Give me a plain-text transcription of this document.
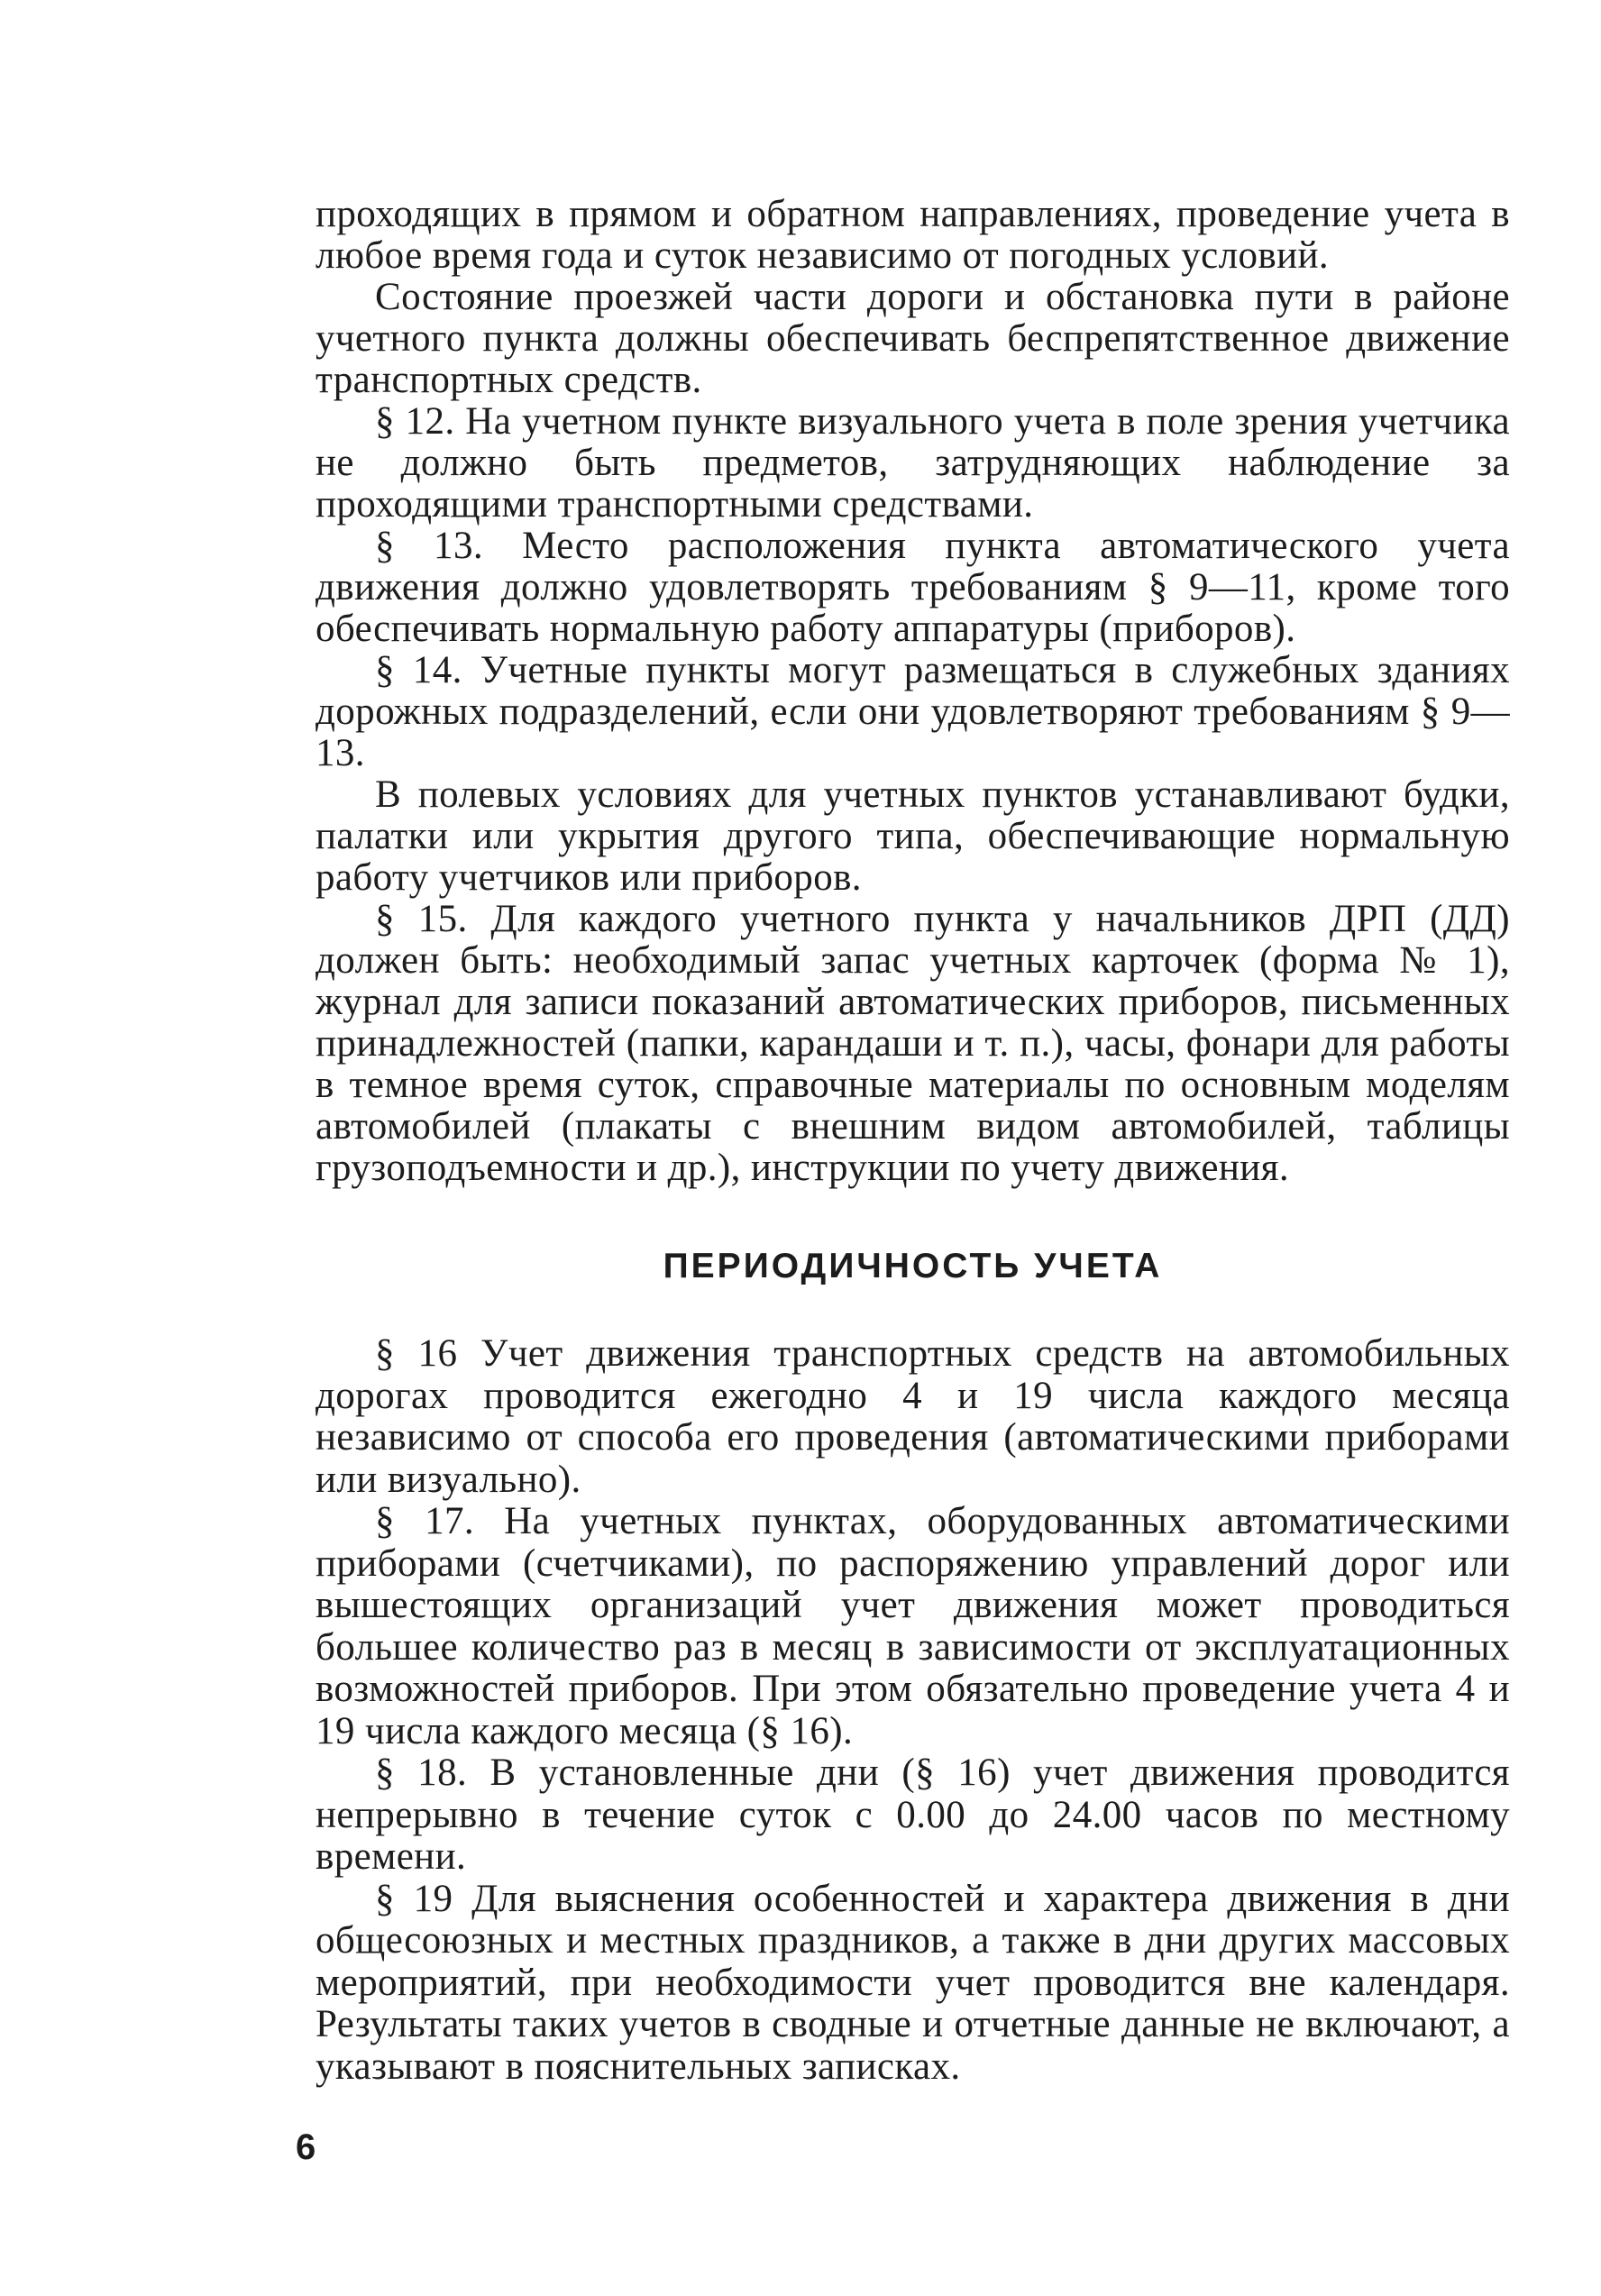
проходящих в прямом и обратном направлениях, проведение учета в любое время года и суток независимо от погодных условий.

Состояние проезжей части дороги и обстановка пути в районе учетного пункта должны обеспечивать беспрепятственное движение транспортных средств.

§ 12. На учетном пункте визуального учета в поле зрения учетчика не должно быть предметов, затрудняющих наблюдение за проходящими транспортными средствами.

§ 13. Место расположения пункта автоматического учета движения должно удовлетворять требованиям § 9—11, кроме того обеспечивать нормальную работу аппаратуры (приборов).

§ 14. Учетные пункты могут размещаться в служебных зданиях дорожных подразделений, если они удовлетворяют требованиям § 9—13.

В полевых условиях для учетных пунктов устанавливают будки, палатки или укрытия другого типа, обеспечивающие нормальную работу учетчиков или приборов.

§ 15. Для каждого учетного пункта у начальников ДРП (ДД) должен быть: необходимый запас учетных карточек (форма № 1), журнал для записи показаний автоматических приборов, письменных принадлежностей (папки, карандаши и т. п.), часы, фонари для работы в темное время суток, справочные материалы по основным моделям автомобилей (плакаты с внешним видом автомобилей, таблицы грузоподъемности и др.), инструкции по учету движения.

ПЕРИОДИЧНОСТЬ УЧЕТА

§ 16 Учет движения транспортных средств на автомобильных дорогах проводится ежегодно 4 и 19 числа каждого месяца независимо от способа его проведения (автоматическими приборами или визуально).

§ 17. На учетных пунктах, оборудованных автоматическими приборами (счетчиками), по распоряжению управлений дорог или вышестоящих организаций учет движения может проводиться большее количество раз в месяц в зависимости от эксплуатационных возможностей приборов. При этом обязательно проведение учета 4 и 19 числа каждого месяца (§ 16).

§ 18. В установленные дни (§ 16) учет движения проводится непрерывно в течение суток с 0.00 до 24.00 часов по местному времени.

§ 19 Для выяснения особенностей и характера движения в дни общесоюзных и местных праздников, а также в дни других массовых мероприятий, при необходимости учет проводится вне календаря. Результаты таких учетов в сводные и отчетные данные не включают, а указывают в пояснительных записках.

6
